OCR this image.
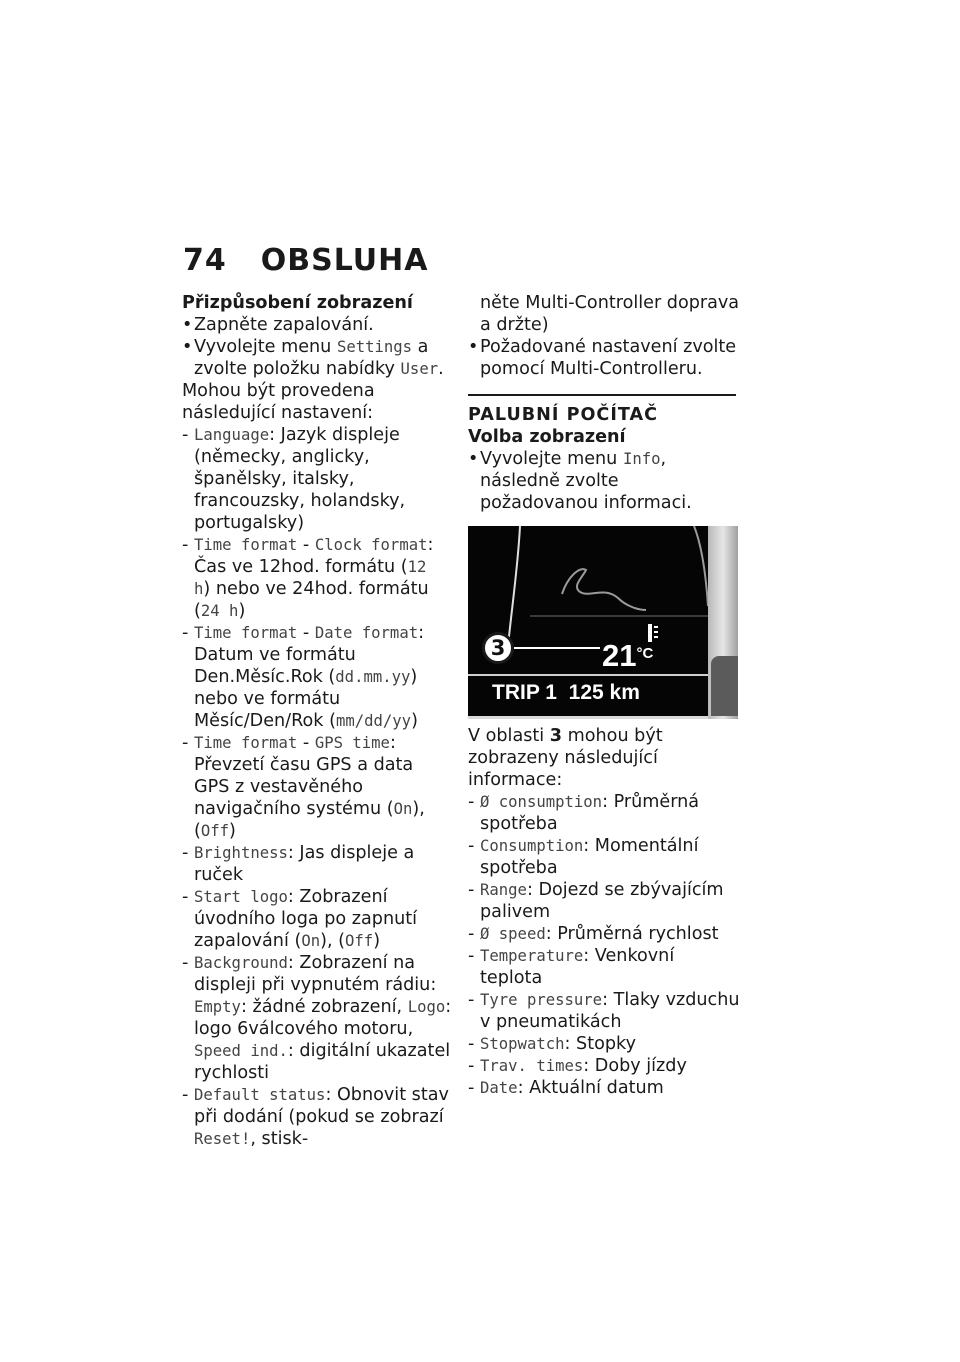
74 OBSLUHA

Přizpůsobení zobrazení

• Zapněte zapalování.

• Vyvolejte menu Settings a zvolte položku nabídky User.

Mohou být provedena následující nastavení:

- Language: Jazyk displeje (německy, anglicky, španělsky, italsky, francouzsky, holandsky, portugalsky)

- Time format - Clock format: Čas ve 12hod. formátu (12 h) nebo ve 24hod. formátu (24 h)

- Time format - Date format: Datum ve formátu Den.Měsíc.Rok (dd.mm.yy) nebo ve formátu Měsíc/Den/Rok (mm/dd/yy)

- Time format - GPS time: Převzetí času GPS a data GPS z vestavěného navigačního systému (On), (Off)

- Brightness: Jas displeje a ruček

- Start logo: Zobrazení úvodního loga po zapnutí zapalování (On), (Off)

- Background: Zobrazení na displeji při vypnutém rádiu: Empty: žádné zobrazení, Logo: logo 6válcového motoru, Speed ind.: digitální ukazatel rychlosti

- Default status: Obnovit stav při dodání (pokud se zobrazí Reset!, stisk-

něte Multi-Controller doprava a držte)

• Požadované nastavení zvolte pomocí Multi-Controlleru.

PALUBNÍ POČÍTAČ

Volba zobrazení

• Vyvolejte menu Info, následně zvolte požadovanou informaci.

3	$21^{^\circ C}$
TRIP 1 125 km

V oblasti 3 mohou být zobrazeny následující informace:

- Ø consumption: Průměrná spotřeba

- Consumption: Momentální spotřeba

- Range: Dojezd se zbývajícím palivem

- Ø speed: Průměrná rychlost

- Temperature: Venkovní teplota

- Tyre pressure: Tlaky vzduchu v pneumatikách

- Stopwatch: Stopky

- Trav. times: Doby jízdy

- Date: Aktuální datum
